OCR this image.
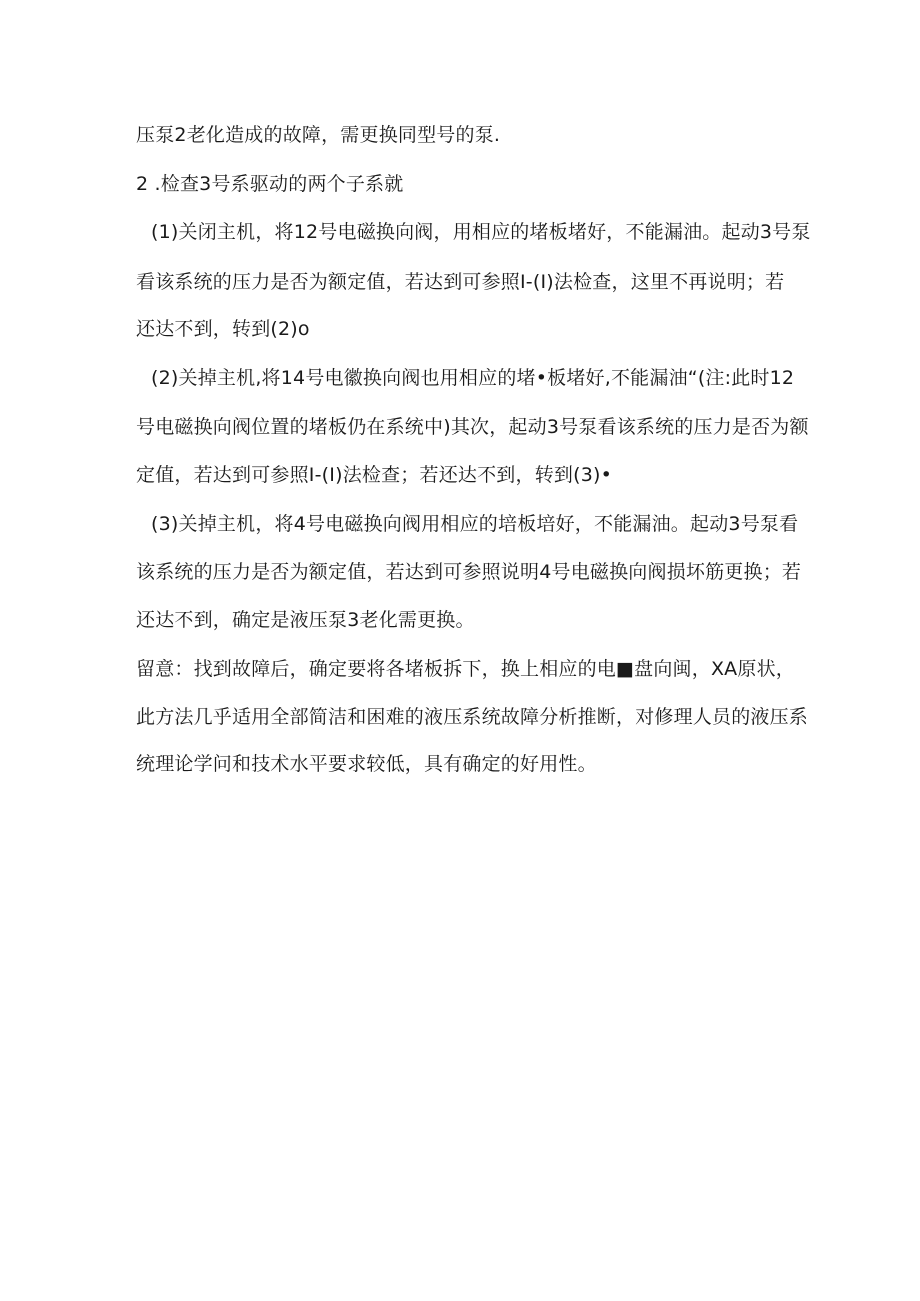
压泵2老化造成的故障，需更换同型号的泵.
2 .检查3号系驱动的两个子系就
(1)关闭主机，将12号电磁换向阀，用相应的堵板堵好，不能漏油。起动3号泵
看该系统的压力是否为额定值，若达到可参照I-(I)法检查，这里不再说明；若
还达不到，转到(2)o
(2)关掉主机,将14号电徽换向阀也用相应的堵•板堵好,不能漏油“(注:此时12
号电磁换向阀位置的堵板仍在系统中)其次，起动3号泵看该系统的压力是否为额
定值，若达到可参照I-(I)法检查；若还达不到，转到(3)•
(3)关掉主机，将4号电磁换向阀用相应的培板培好，不能漏油。起动3号泵看
该系统的压力是否为额定值，若达到可参照说明4号电磁换向阀损坏筋更换；若
还达不到，确定是液压泵3老化需更换。
留意：找到故障后，确定要将各堵板拆下，换上相应的电■盘向闽，XA原状，
此方法几乎适用全部简洁和困难的液压系统故障分析推断，对修理人员的液压系
统理论学问和技术水平要求较低，具有确定的好用性。
